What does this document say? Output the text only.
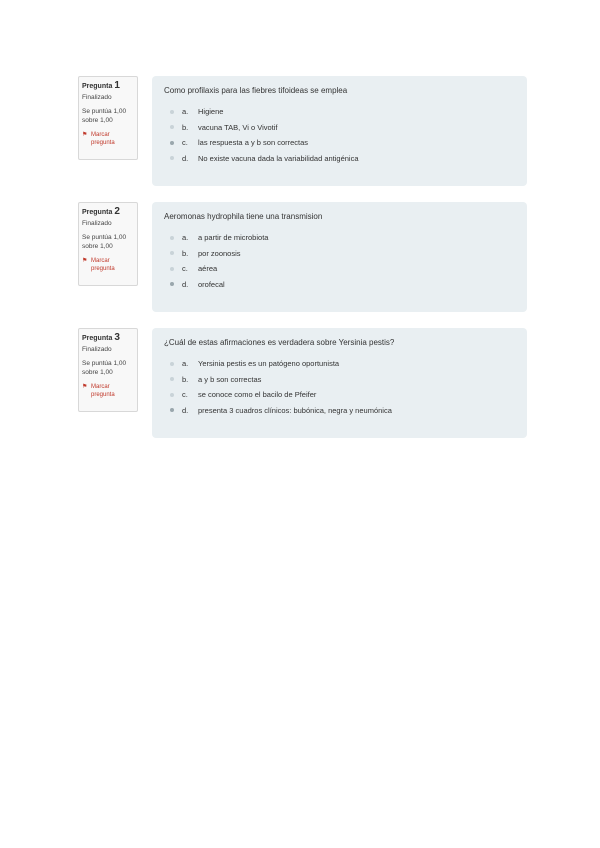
Pregunta 1
Finalizado
Se puntúa 1,00
sobre 1,00
⚑ Marcar
pregunta
Como profilaxis para las fiebres tifoideas se emplea
a.	Higiene
b.	vacuna TAB, Vi o Vivotif
c.	las respuesta a y b son correctas
d.	No existe vacuna dada la variabilidad antigénica
Pregunta 2
Finalizado
Se puntúa 1,00
sobre 1,00
⚑ Marcar
pregunta
Aeromonas hydrophila tiene una transmision
a.	a partir de microbiota
b.	por zoonosis
c.	aérea
d.	orofecal
Pregunta 3
Finalizado
Se puntúa 1,00
sobre 1,00
⚑ Marcar
pregunta
¿Cuál de estas afirmaciones es verdadera sobre Yersinia pestis?
a.	Yersinia pestis es un patógeno oportunista
b.	a y b son correctas
c.	se conoce como el bacilo de Pfeifer
d.	presenta 3 cuadros clínicos: bubónica, negra y neumónica
